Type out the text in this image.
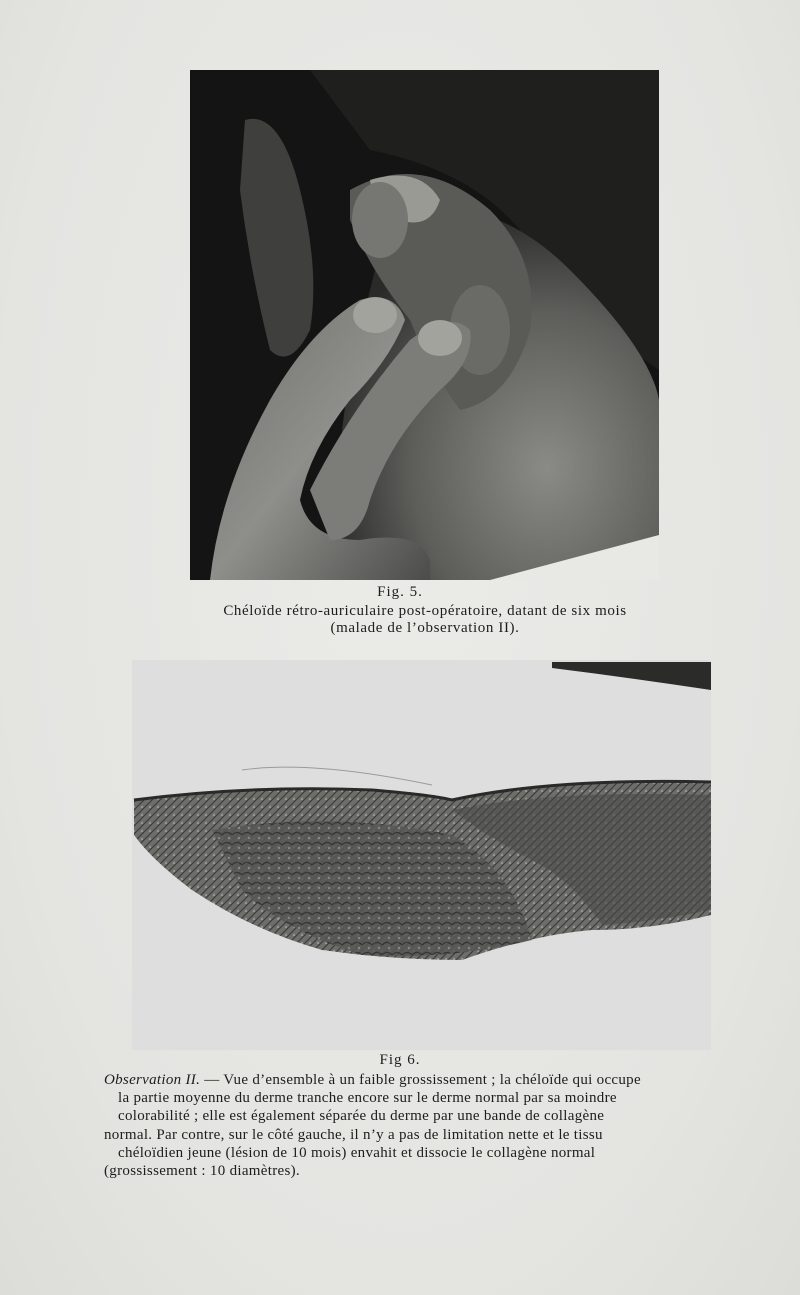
Fig. 5.
Chéloïde rétro-auriculaire post-opératoire, datant de six mois
(malade de l’observation II).
Fig 6.
Observation II. — Vue d’ensemble à un faible grossissement ; la chéloïde qui occupe
la partie moyenne du derme tranche encore sur le derme normal par sa moindre
colorabilité ; elle est également séparée du derme par une bande de collagène
normal. Par contre, sur le côté gauche, il n’y a pas de limitation nette et le tissu
chéloïdien jeune (lésion de 10 mois) envahit et dissocie le collagène normal
(grossissement : 10 diamètres).
